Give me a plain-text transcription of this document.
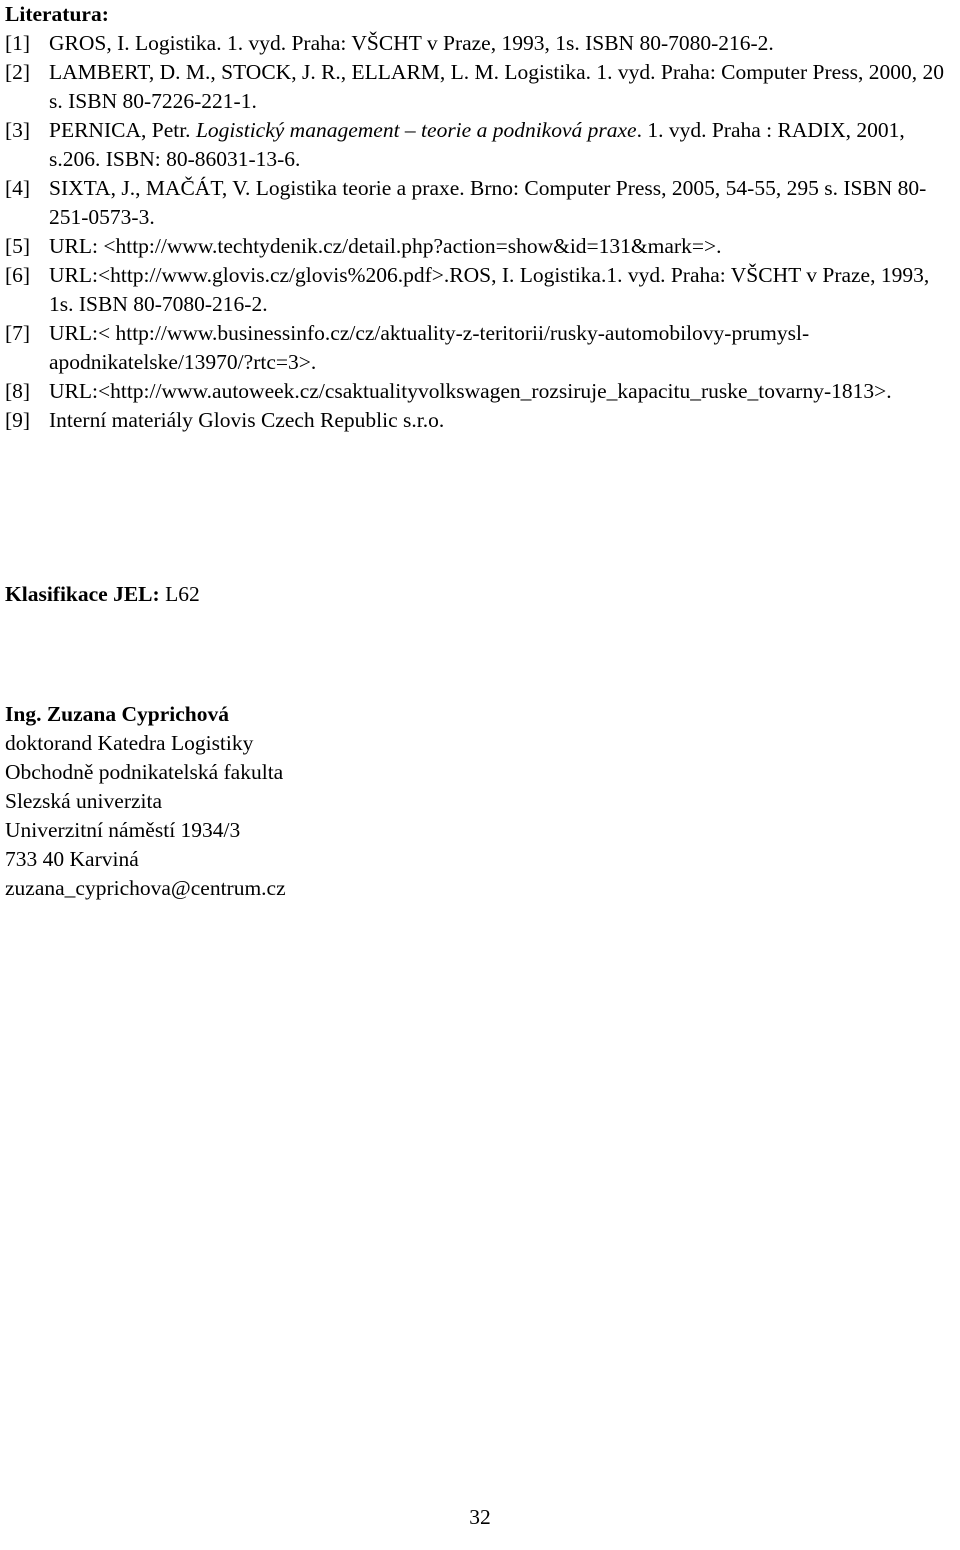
Literatura:
[1] GROS, I. Logistika. 1. vyd. Praha: VŠCHT v Praze, 1993, 1s. ISBN 80-7080-216-2.
[2] LAMBERT, D. M., STOCK, J. R., ELLARM, L. M. Logistika. 1. vyd. Praha: Computer Press, 2000, 20 s. ISBN 80-7226-221-1.
[3] PERNICA, Petr. Logistický management – teorie a podniková praxe. 1. vyd. Praha : RADIX, 2001, s.206. ISBN: 80-86031-13-6.
[4] SIXTA, J., MAČÁT, V. Logistika teorie a praxe. Brno: Computer Press, 2005, 54-55, 295 s. ISBN 80-251-0573-3.
[5] URL: <http://www.techtydenik.cz/detail.php?action=show&id=131&mark=>.
[6] URL:<http://www.glovis.cz/glovis%206.pdf>.ROS, I. Logistika.1. vyd. Praha: VŠCHT v Praze, 1993, 1s. ISBN 80-7080-216-2.
[7] URL:< http://www.businessinfo.cz/cz/aktuality-z-teritorii/rusky-automobilovy-prumysl-apodnikatelske/13970/?rtc=3>.
[8] URL:<http://www.autoweek.cz/csaktualityvolkswagen_rozsiruje_kapacitu_ruske_tovarny-1813>.
[9] Interní materiály Glovis Czech Republic s.r.o.
Klasifikace JEL: L62
Ing. Zuzana Cyprichová
doktorand Katedra Logistiky
Obchodně podnikatelská fakulta
Slezská univerzita
Univerzitní náměstí 1934/3
733 40 Karviná
zuzana_cyprichova@centrum.cz
32
